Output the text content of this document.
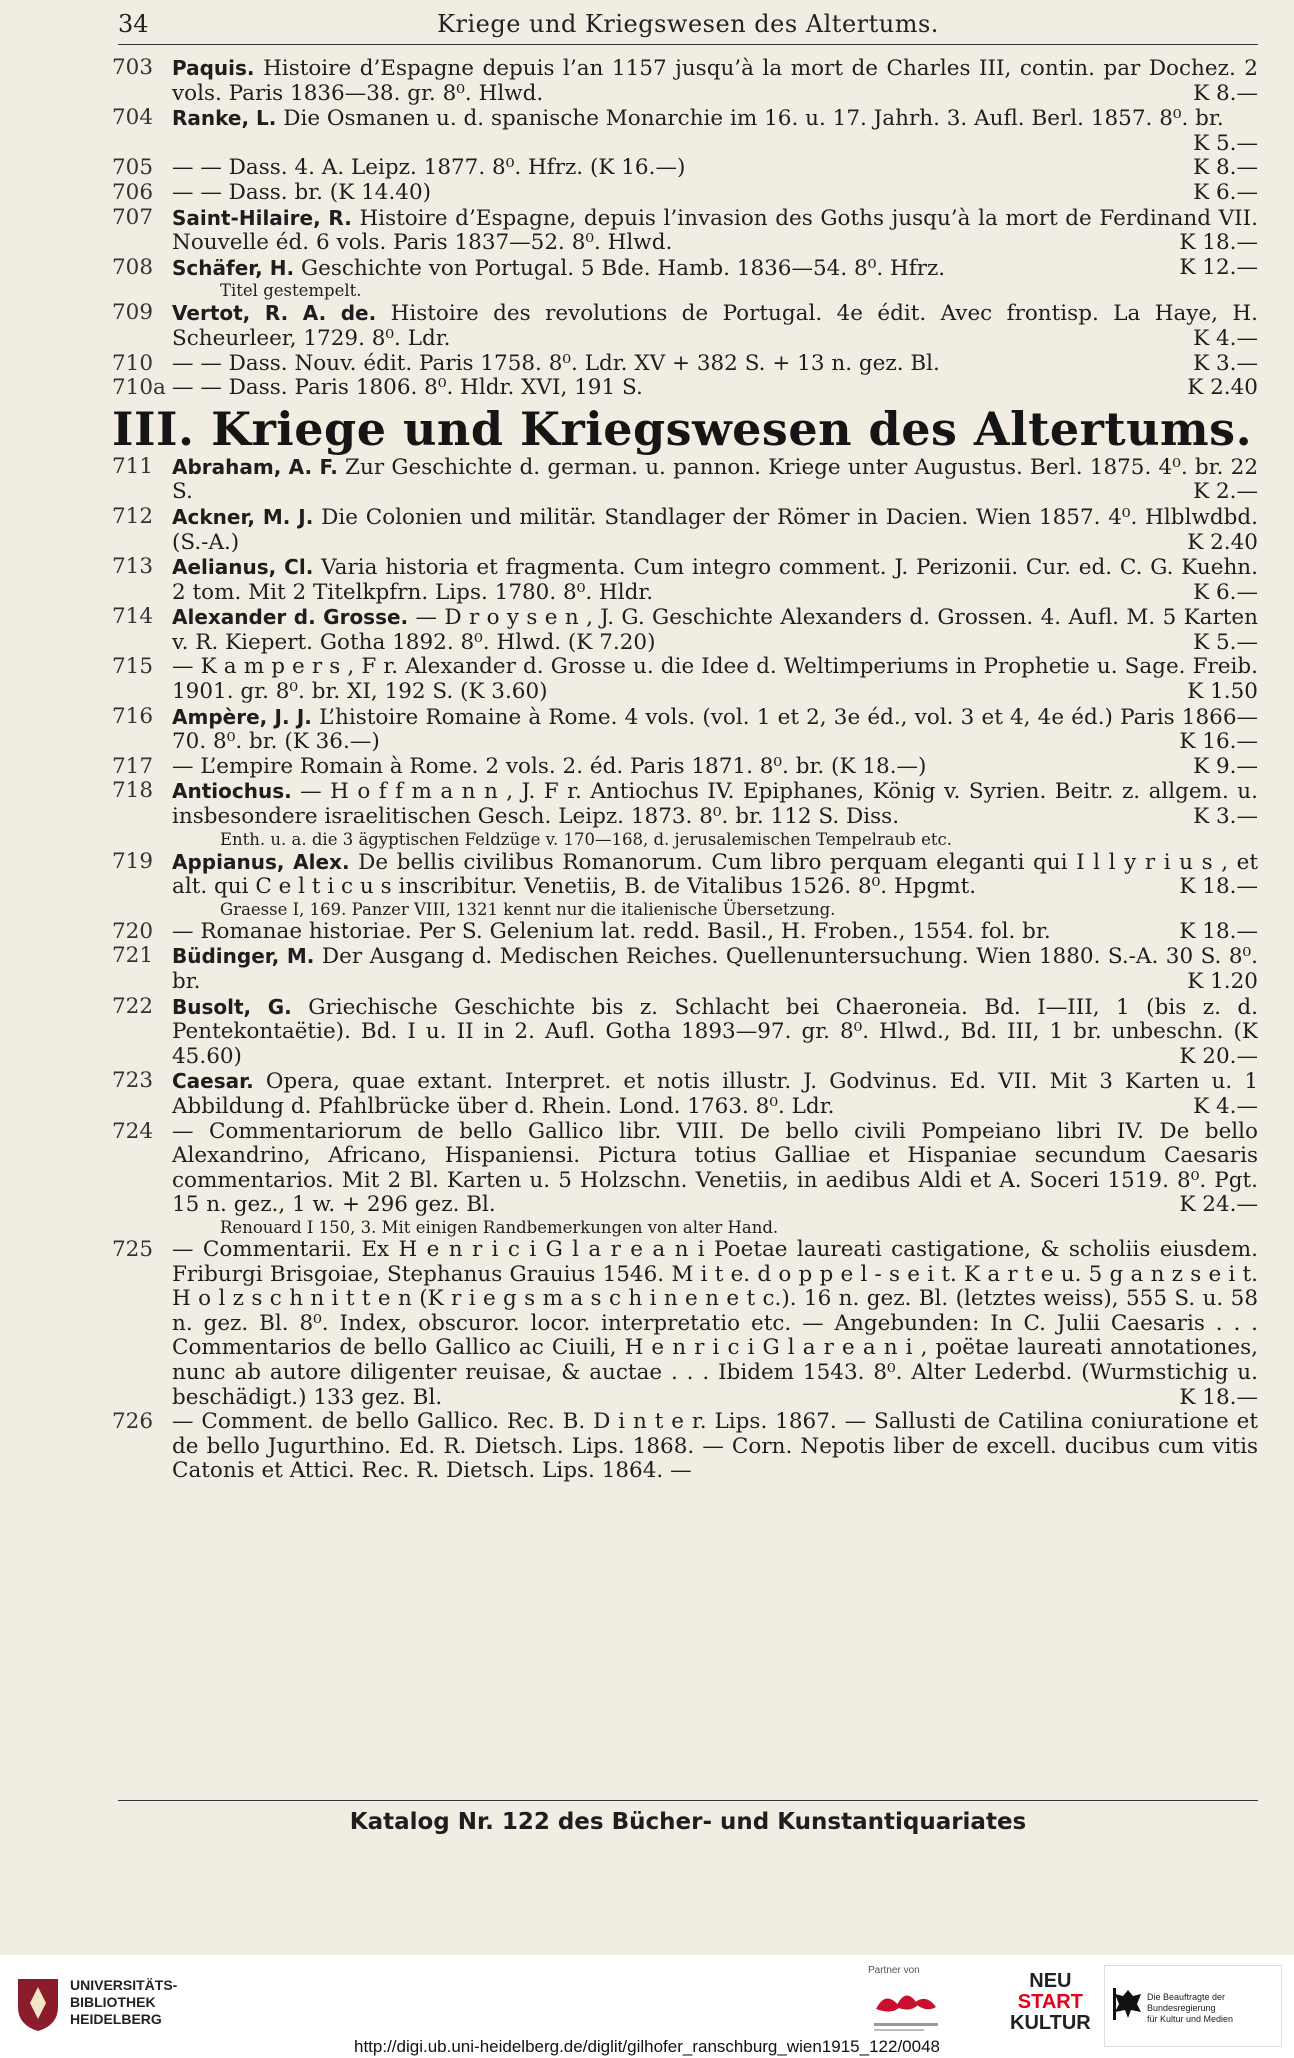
34	Kriege und Kriegswesen des Altertums.
703 Paquis. Histoire d’Espagne depuis l’an 1157 jusqu’à la mort de Charles III, contin. par Dochez. 2 vols. Paris 1836—38. gr. 8⁰. Hlwd.	K 8.—
704 Ranke, L. Die Osmanen u. d. spanische Monarchie im 16. u. 17. Jahrh. 3. Aufl. Berl. 1857. 8⁰. br.
K 5.—
705 — — Dass. 4. A. Leipz. 1877. 8⁰. Hfrz. (K 16.—)	K 8.—
706 — — Dass. br. (K 14.40)	K 6.—
707 Saint-Hilaire, R. Histoire d’Espagne, depuis l’invasion des Goths jusqu’à la mort de Ferdinand VII. Nouvelle éd. 6 vols. Paris 1837—52. 8⁰. Hlwd.	K 18.—
708 Schäfer, H. Geschichte von Portugal. 5 Bde. Hamb. 1836—54. 8⁰. Hfrz.	K 12.—
Titel gestempelt.
709 Vertot, R. A. de. Histoire des revolutions de Portugal. 4e édit. Avec frontisp. La Haye, H. Scheurleer, 1729. 8⁰. Ldr.	K 4.—
710 — — Dass. Nouv. édit. Paris 1758. 8⁰. Ldr. XV + 382 S. + 13 n. gez. Bl.	K 3.—
710a — — Dass. Paris 1806. 8⁰. Hldr. XVI, 191 S.	K 2.40
III. Kriege und Kriegswesen des Altertums.
711 Abraham, A. F. Zur Geschichte d. german. u. pannon. Kriege unter Augustus. Berl. 1875. 4⁰. br. 22 S.	K 2.—
712 Ackner, M. J. Die Colonien und militär. Standlager der Römer in Dacien. Wien 1857. 4⁰. Hlblwdbd. (S.-A.)	K 2.40
713 Aelianus, Cl. Varia historia et fragmenta. Cum integro comment. J. Perizonii. Cur. ed. C. G. Kuehn. 2 tom. Mit 2 Titelkpfrn. Lips. 1780. 8⁰. Hldr.	K 6.—
714 Alexander d. Grosse. — D r o y s e n , J. G. Geschichte Alexanders d. Grossen. 4. Aufl. M. 5 Karten v. R. Kiepert. Gotha 1892. 8⁰. Hlwd. (K 7.20)	K 5.—
715 — K a m p e r s , F r. Alexander d. Grosse u. die Idee d. Weltimperiums in Prophetie u. Sage. Freib. 1901. gr. 8⁰. br. XI, 192 S. (K 3.60)	K 1.50
716 Ampère, J. J. L’histoire Romaine à Rome. 4 vols. (vol. 1 et 2, 3e éd., vol. 3 et 4, 4e éd.) Paris 1866—70. 8⁰. br. (K 36.—)	K 16.—
717 — L’empire Romain à Rome. 2 vols. 2. éd. Paris 1871. 8⁰. br. (K 18.—)	K 9.—
718 Antiochus. — H o f f m a n n , J. F r. Antiochus IV. Epiphanes, König v. Syrien. Beitr. z. allgem. u. insbesondere israelitischen Gesch. Leipz. 1873. 8⁰. br. 112 S. Diss.	K 3.—
Enth. u. a. die 3 ägyptischen Feldzüge v. 170—168, d. jerusalemischen Tempelraub etc.
719 Appianus, Alex. De bellis civilibus Romanorum. Cum libro perquam eleganti qui I l l y r i u s , et alt. qui C e l t i c u s inscribitur. Venetiis, B. de Vitalibus 1526. 8⁰. Hpgmt.	K 18.—
Graesse I, 169. Panzer VIII, 1321 kennt nur die italienische Übersetzung.
720 — Romanae historiae. Per S. Gelenium lat. redd. Basil., H. Froben., 1554. fol. br.	K 18.—
721 Büdinger, M. Der Ausgang d. Medischen Reiches. Quellenuntersuchung. Wien 1880. S.-A. 30 S. 8⁰. br.	K 1.20
722 Busolt, G. Griechische Geschichte bis z. Schlacht bei Chaeroneia. Bd. I—III, 1 (bis z. d. Pentekontaëtie). Bd. I u. II in 2. Aufl. Gotha 1893—97. gr. 8⁰. Hlwd., Bd. III, 1 br. unbeschn. (K 45.60)	K 20.—
723 Caesar. Opera, quae extant. Interpret. et notis illustr. J. Godvinus. Ed. VII. Mit 3 Karten u. 1 Abbildung d. Pfahlbrücke über d. Rhein. Lond. 1763. 8⁰. Ldr.	K 4.—
724 — Commentariorum de bello Gallico libr. VIII. De bello civili Pompeiano libri IV. De bello Alexandrino, Africano, Hispaniensi. Pictura totius Galliae et Hispaniae secundum Caesaris commentarios. Mit 2 Bl. Karten u. 5 Holzschn. Venetiis, in aedibus Aldi et A. Soceri 1519. 8⁰. Pgt. 15 n. gez., 1 w. + 296 gez. Bl.	K 24.—
Renouard I 150, 3. Mit einigen Randbemerkungen von alter Hand.
725 — Commentarii. Ex H e n r i c i G l a r e a n i Poetae laureati castigatione, & scholiis eiusdem. Friburgi Brisgoiae, Stephanus Grauius 1546. M i t e. d o p p e l - s e i t. K a r t e u. 5 g a n z s e i t. H o l z s c h n i t t e n (K r i e g s m a s c h i n e n e t c.). 16 n. gez. Bl. (letztes weiss), 555 S. u. 58 n. gez. Bl. 8⁰. Index, obscuror. locor. interpretatio etc. — Angebunden: In C. Julii Caesaris . . . Commentarios de bello Gallico ac Ciuili, H e n r i c i G l a r e a n i , poëtae laureati annotationes, nunc ab autore diligenter reuisae, & auctae . . . Ibidem 1543. 8⁰. Alter Lederbd. (Wurmstichig u. beschädigt.) 133 gez. Bl.	K 18.—
726 — Comment. de bello Gallico. Rec. B. D i n t e r. Lips. 1867. — Sallusti de Catilina coniuratione et de bello Jugurthino. Ed. R. Dietsch. Lips. 1868. — Corn. Nepotis liber de excell. ducibus cum vitis Catonis et Attici. Rec. R. Dietsch. Lips. 1864. —
Katalog Nr. 122 des Bücher- und Kunstantiquariates
UNIVERSITÄTS-
BIBLIOTHEK
HEIDELBERG
Partner von	NEU
START
KULTUR
Die Beauftragte der Bundesregierung
für Kultur und Medien
http://digi.ub.uni-heidelberg.de/diglit/gilhofer_ranschburg_wien1915_122/0048
